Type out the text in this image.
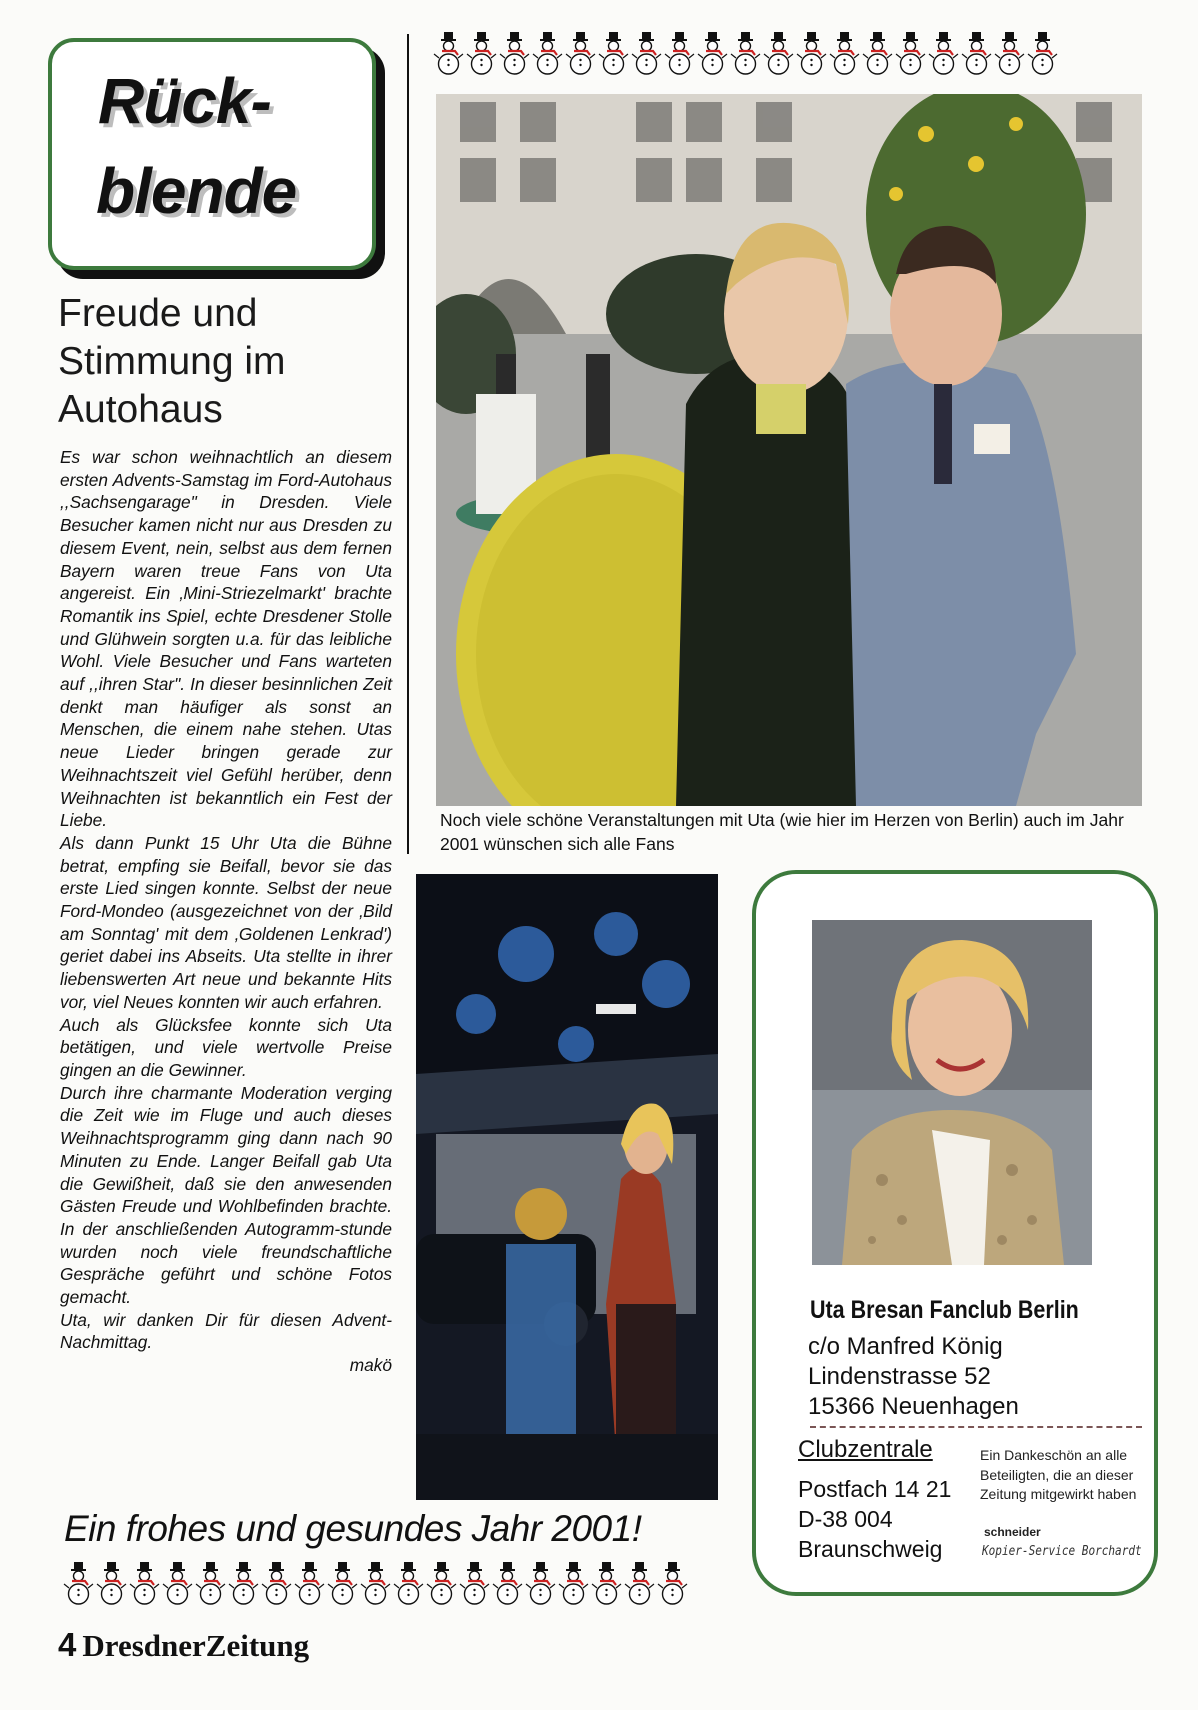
Rück-
blende
Freude und
Stimmung im
Autohaus

Es war schon weihnachtlich an diesem ersten Advents-Samstag im Ford-Autohaus ,,Sachsengarage" in Dresden. Viele Besucher kamen nicht nur aus Dresden zu diesem Event, nein, selbst aus dem fernen Bayern waren treue Fans von Uta angereist. Ein ‚Mini-Striezelmarkt' brachte Romantik ins Spiel, echte Dresdener Stolle und Glühwein sorgten u.a. für das leibliche Wohl. Viele Besucher und Fans warteten auf ,,ihren Star". In dieser besinnlichen Zeit denkt man häufiger als sonst an Menschen, die einem nahe stehen. Utas neue Lieder bringen gerade zur Weihnachtszeit viel Gefühl herüber, denn Weihnachten ist bekanntlich ein Fest der Liebe.

Als dann Punkt 15 Uhr Uta die Bühne betrat, empfing sie Beifall, bevor sie das erste Lied singen konnte. Selbst der neue Ford-Mondeo (ausgezeichnet von der ‚Bild am Sonntag' mit dem ‚Goldenen Lenkrad') geriet dabei ins Abseits. Uta stellte in ihrer liebenswerten Art neue und bekannte Hits vor, viel Neues konnten wir auch erfahren.

Auch als Glücksfee konnte sich Uta betätigen, und viele wertvolle Preise gingen an die Gewinner.

Durch ihre charmante Moderation verging die Zeit wie im Fluge und auch dieses Weihnachtsprogramm ging dann nach 90 Minuten zu Ende. Langer Beifall gab Uta die Gewißheit, daß sie den anwesenden Gästen Freude und Wohlbefinden brachte. In der anschließenden Autogramm-stunde wurden noch viele freundschaftliche Gespräche geführt und schöne Fotos gemacht.

Uta, wir danken Dir für diesen Advent-Nachmittag.

makö
Noch viele schöne Veranstaltungen mit Uta (wie hier im Herzen von Berlin) auch im Jahr 2001 wünschen sich alle Fans
Ein frohes und gesundes Jahr 2001!
Uta Bresan Fanclub Berlin
c/o Manfred König
Lindenstrasse 52
15366 Neuenhagen
Clubzentrale
Postfach 14 21
D-38 004
Braunschweig
Ein Dankeschön an alle Beteiligten, die an dieser Zeitung mitgewirkt haben
schneider
Kopier-Service Borchardt
4 DresdnerZeitung
